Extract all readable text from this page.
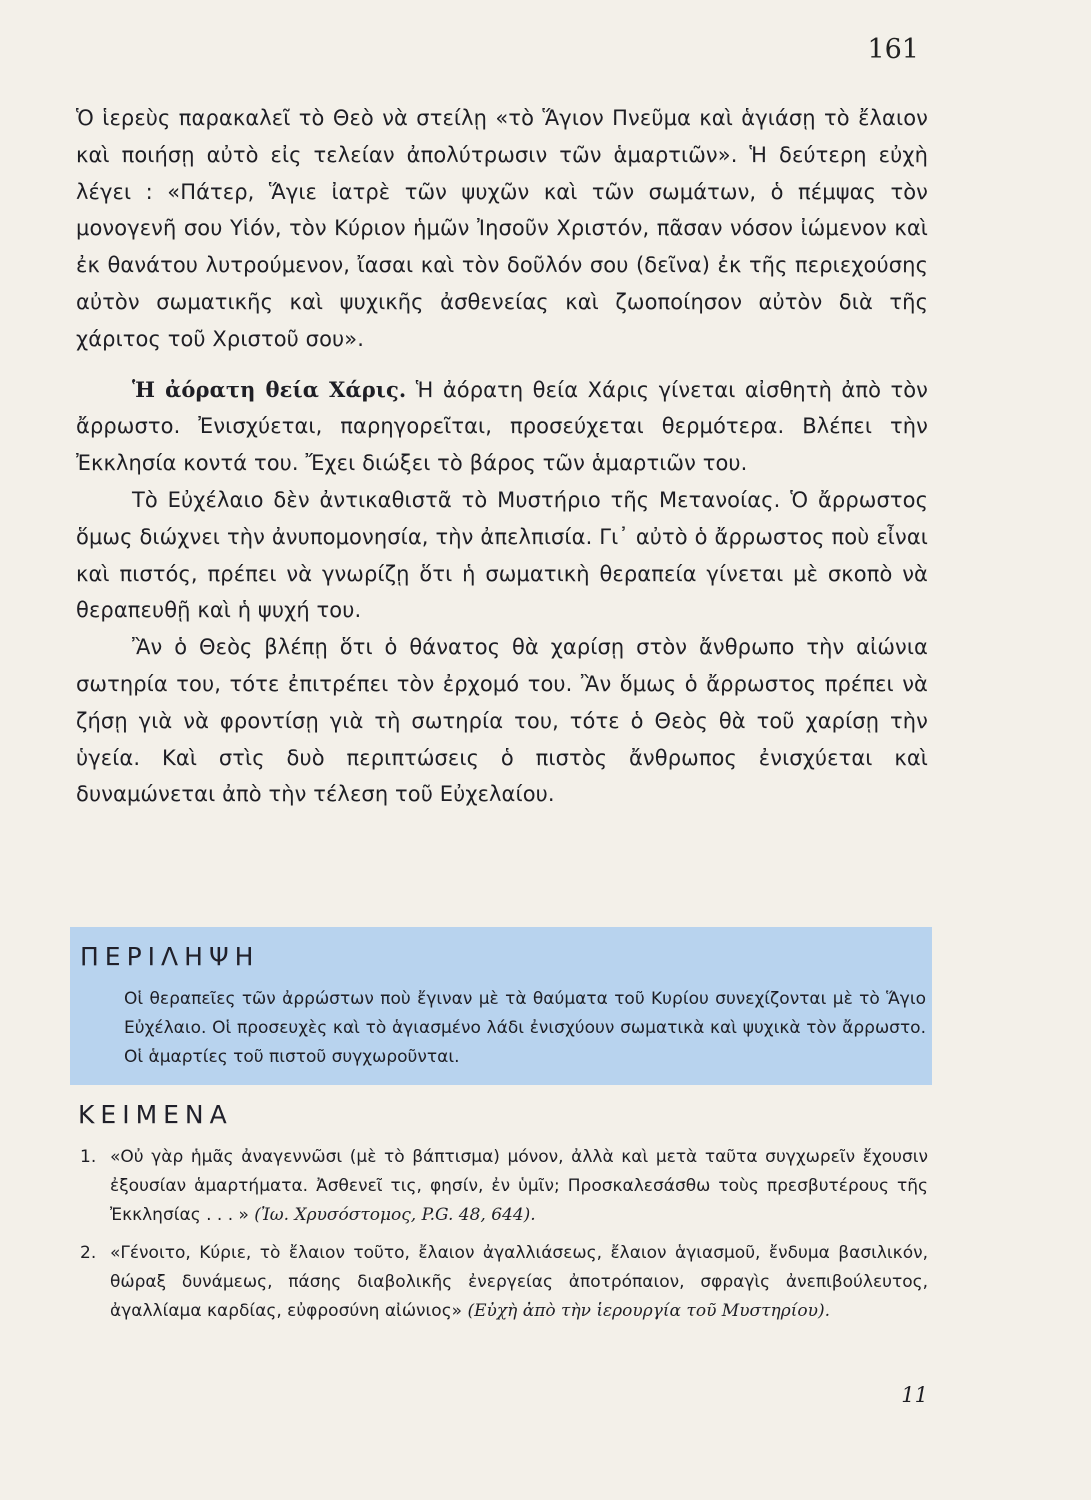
161

Ὁ ἱερεὺς παρακαλεῖ τὸ Θεὸ νὰ στείλῃ «τὸ Ἅγιον Πνεῦμα καὶ ἁγιάσῃ τὸ ἔλαιον καὶ ποιήσῃ αὐτὸ εἰς τελείαν ἀπολύτρωσιν τῶν ἁμαρτιῶν». Ἡ δεύτερη εὐχὴ λέγει : «Πάτερ, Ἅγιε ἰατρὲ τῶν ψυχῶν καὶ τῶν σωμάτων, ὁ πέμψας τὸν μονογενῆ σου Υἱόν, τὸν Κύριον ἡμῶν Ἰησοῦν Χριστόν, πᾶσαν νόσον ἰώμενον καὶ ἐκ θανάτου λυτρούμενον, ἴασαι καὶ τὸν δοῦλόν σου (δεῖνα) ἐκ τῆς περιεχούσης αὐτὸν σωματικῆς καὶ ψυχικῆς ἀσθενείας καὶ ζωοποίησον αὐτὸν διὰ τῆς χάριτος τοῦ Χριστοῦ σου».

Ἡ ἀόρατη θεία Χάρις. Ἡ ἀόρατη θεία Χάρις γίνεται αἰσθητὴ ἀπὸ τὸν ἄρρωστο. Ἐνισχύεται, παρηγορεῖται, προσεύχεται θερμότερα. Βλέπει τὴν Ἐκκλησία κοντά του. Ἔχει διώξει τὸ βάρος τῶν ἁμαρτιῶν του.

Τὸ Εὐχέλαιο δὲν ἀντικαθιστᾶ τὸ Μυστήριο τῆς Μετανοίας. Ὁ ἄρρωστος ὅμως διώχνει τὴν ἀνυπομονησία, τὴν ἀπελπισία. Γι᾿ αὐτὸ ὁ ἄρρωστος ποὺ εἶναι καὶ πιστός, πρέπει νὰ γνωρίζῃ ὅτι ἡ σωματικὴ θεραπεία γίνεται μὲ σκοπὸ νὰ θεραπευθῇ καὶ ἡ ψυχή του.

Ἂν ὁ Θεὸς βλέπῃ ὅτι ὁ θάνατος θὰ χαρίσῃ στὸν ἄνθρωπο τὴν αἰώνια σωτηρία του, τότε ἐπιτρέπει τὸν ἐρχομό του. Ἂν ὅμως ὁ ἄρρωστος πρέπει νὰ ζήσῃ γιὰ νὰ φροντίσῃ γιὰ τὴ σωτηρία του, τότε ὁ Θεὸς θὰ τοῦ χαρίσῃ τὴν ὑγεία. Καὶ στὶς δυὸ περιπτώσεις ὁ πιστὸς ἄνθρωπος ἐνισχύεται καὶ δυναμώνεται ἀπὸ τὴν τέλεση τοῦ Εὐχελαίου.

ΠΕΡΙΛΗΨΗ

Οἱ θεραπεῖες τῶν ἀρρώστων ποὺ ἔγιναν μὲ τὰ θαύματα τοῦ Κυρίου συνεχίζονται μὲ τὸ Ἅγιο Εὐχέλαιο. Οἱ προσευχὲς καὶ τὸ ἁγιασμένο λάδι ἐνισχύουν σωματικὰ καὶ ψυχικὰ τὸν ἄρρωστο. Οἱ ἁμαρτίες τοῦ πιστοῦ συγχωροῦνται.

ΚΕΙΜΕΝΑ
1. «Οὐ γὰρ ἡμᾶς ἀναγεννῶσι (μὲ τὸ βάπτισμα) μόνον, ἀλλὰ καὶ μετὰ ταῦτα συγχωρεῖν ἔχουσιν ἐξουσίαν ἁμαρτήματα. Ἀσθενεῖ τις, φησίν, ἐν ὑμῖν; Προσκαλεσάσθω τοὺς πρεσβυτέρους τῆς Ἐκκλησίας . . . » (Ἰω. Χρυσόστομος, P.G. 48, 644).
2. «Γένοιτο, Κύριε, τὸ ἔλαιον τοῦτο, ἔλαιον ἀγαλλιάσεως, ἔλαιον ἁγιασμοῦ, ἔνδυμα βασιλικόν, θώραξ δυνάμεως, πάσης διαβολικῆς ἐνεργείας ἀποτρόπαιον, σφραγὶς ἀνεπιβούλευτος, ἀγαλλίαμα καρδίας, εὐφροσύνη αἰώνιος» (Εὐχὴ ἀπὸ τὴν ἱερουργία τοῦ Μυστηρίου).
11
